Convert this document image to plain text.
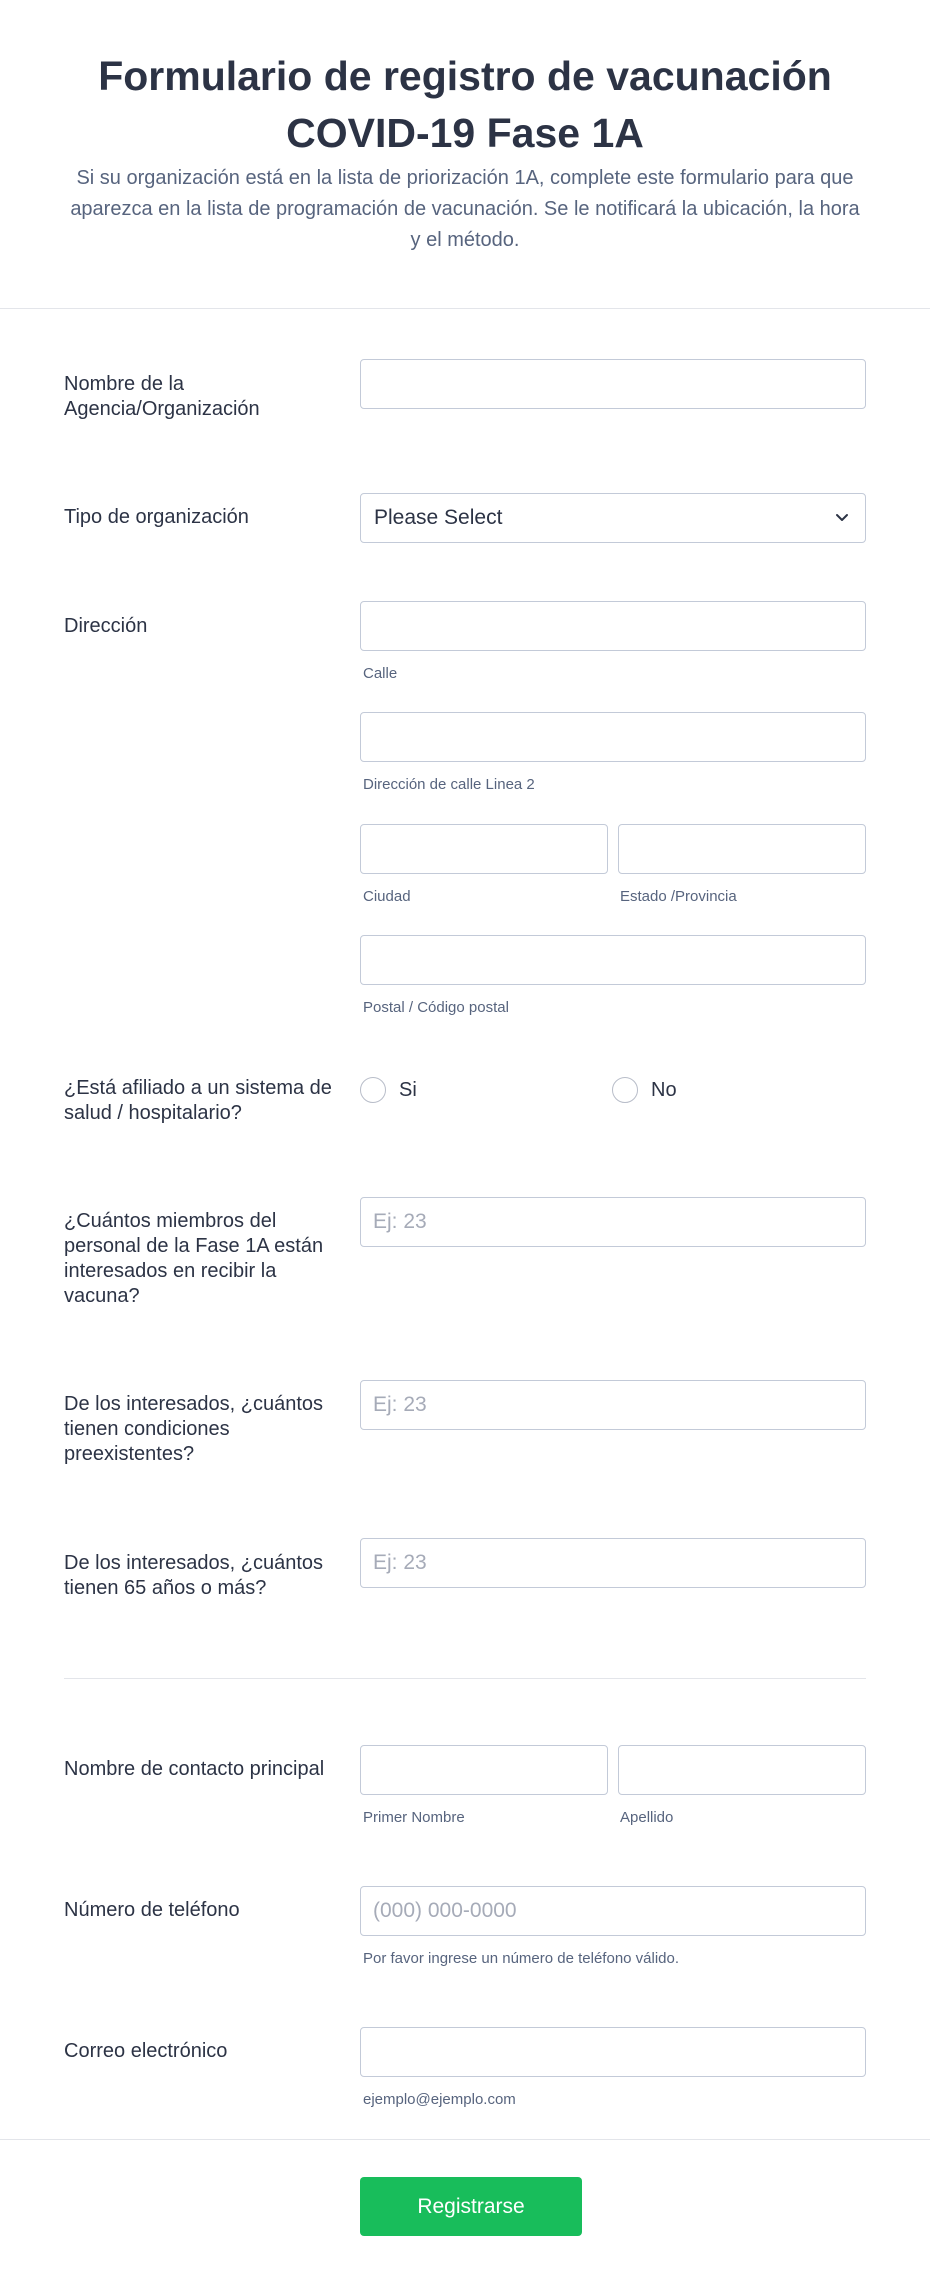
Formulario de registro de vacunación COVID-19 Fase 1A
Si su organización está en la lista de priorización 1A, complete este formulario para que aparezca en la lista de programación de vacunación. Se le notificará la ubicación, la hora y el método.
Nombre de la Agencia/Organización
Tipo de organización	Please Select
Dirección
Calle
Dirección de calle Linea 2
Ciudad	Estado /Provincia
Postal / Código postal
¿Está afiliado a un sistema de salud / hospitalario?
Si	No
¿Cuántos miembros del personal de la Fase 1A están interesados en recibir la vacuna?
Ej: 23
De los interesados, ¿cuántos tienen condiciones preexistentes?
Ej: 23
De los interesados, ¿cuántos tienen 65 años o más?
Ej: 23
Nombre de contacto principal
Primer Nombre	Apellido
Número de teléfono
(000) 000-0000
Por favor ingrese un número de teléfono válido.
Correo electrónico
ejemplo@ejemplo.com
Registrarse
